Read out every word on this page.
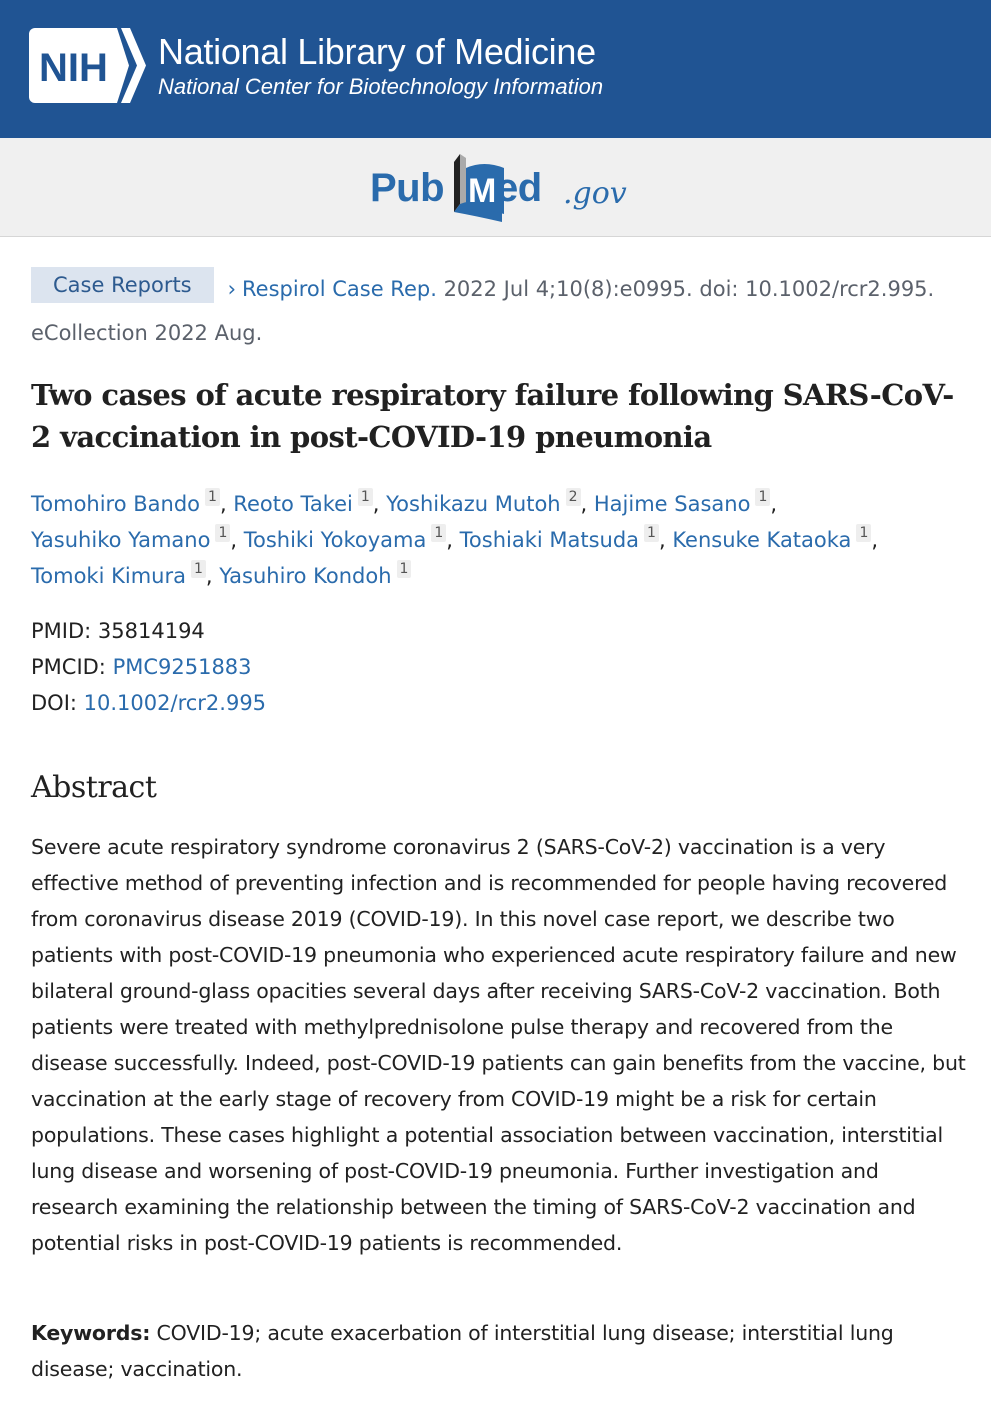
NIH National Library of Medicine
National Center for Biotechnology Information
Pub M ed .gov
Case Reports › Respirol Case Rep. 2022 Jul 4;10(8):e0995. doi: 10.1002/rcr2.995. eCollection 2022 Aug.
Two cases of acute respiratory failure following SARS-CoV-2 vaccination in post-COVID-19 pneumonia
Tomohiro Bando $^1$ , Reoto Takei $^1$ , Yoshikazu Mutoh $^2$ , Hajime Sasano $^1$ ,
Yasuhiko Yamano $^1$ , Toshiki Yokoyama $^1$ , Toshiaki Matsuda $^1$ , Kensuke Kataoka $^1$ ,
Tomoki Kimura $^1$ , Yasuhiro Kondoh $^1$
PMID: 35814194
PMCID: PMC9251883
DOI: 10.1002/rcr2.995
Abstract

Severe acute respiratory syndrome coronavirus 2 (SARS-CoV-2) vaccination is a very effective method of preventing infection and is recommended for people having recovered from coronavirus disease 2019 (COVID-19). In this novel case report, we describe two patients with post-COVID-19 pneumonia who experienced acute respiratory failure and new bilateral ground-glass opacities several days after receiving SARS-CoV-2 vaccination. Both patients were treated with methylprednisolone pulse therapy and recovered from the disease successfully. Indeed, post-COVID-19 patients can gain benefits from the vaccine, but vaccination at the early stage of recovery from COVID-19 might be a risk for certain populations. These cases highlight a potential association between vaccination, interstitial lung disease and worsening of post-COVID-19 pneumonia. Further investigation and research examining the relationship between the timing of SARS-CoV-2 vaccination and potential risks in post-COVID-19 patients is recommended.

Keywords: COVID-19; acute exacerbation of interstitial lung disease; interstitial lung disease; vaccination.
